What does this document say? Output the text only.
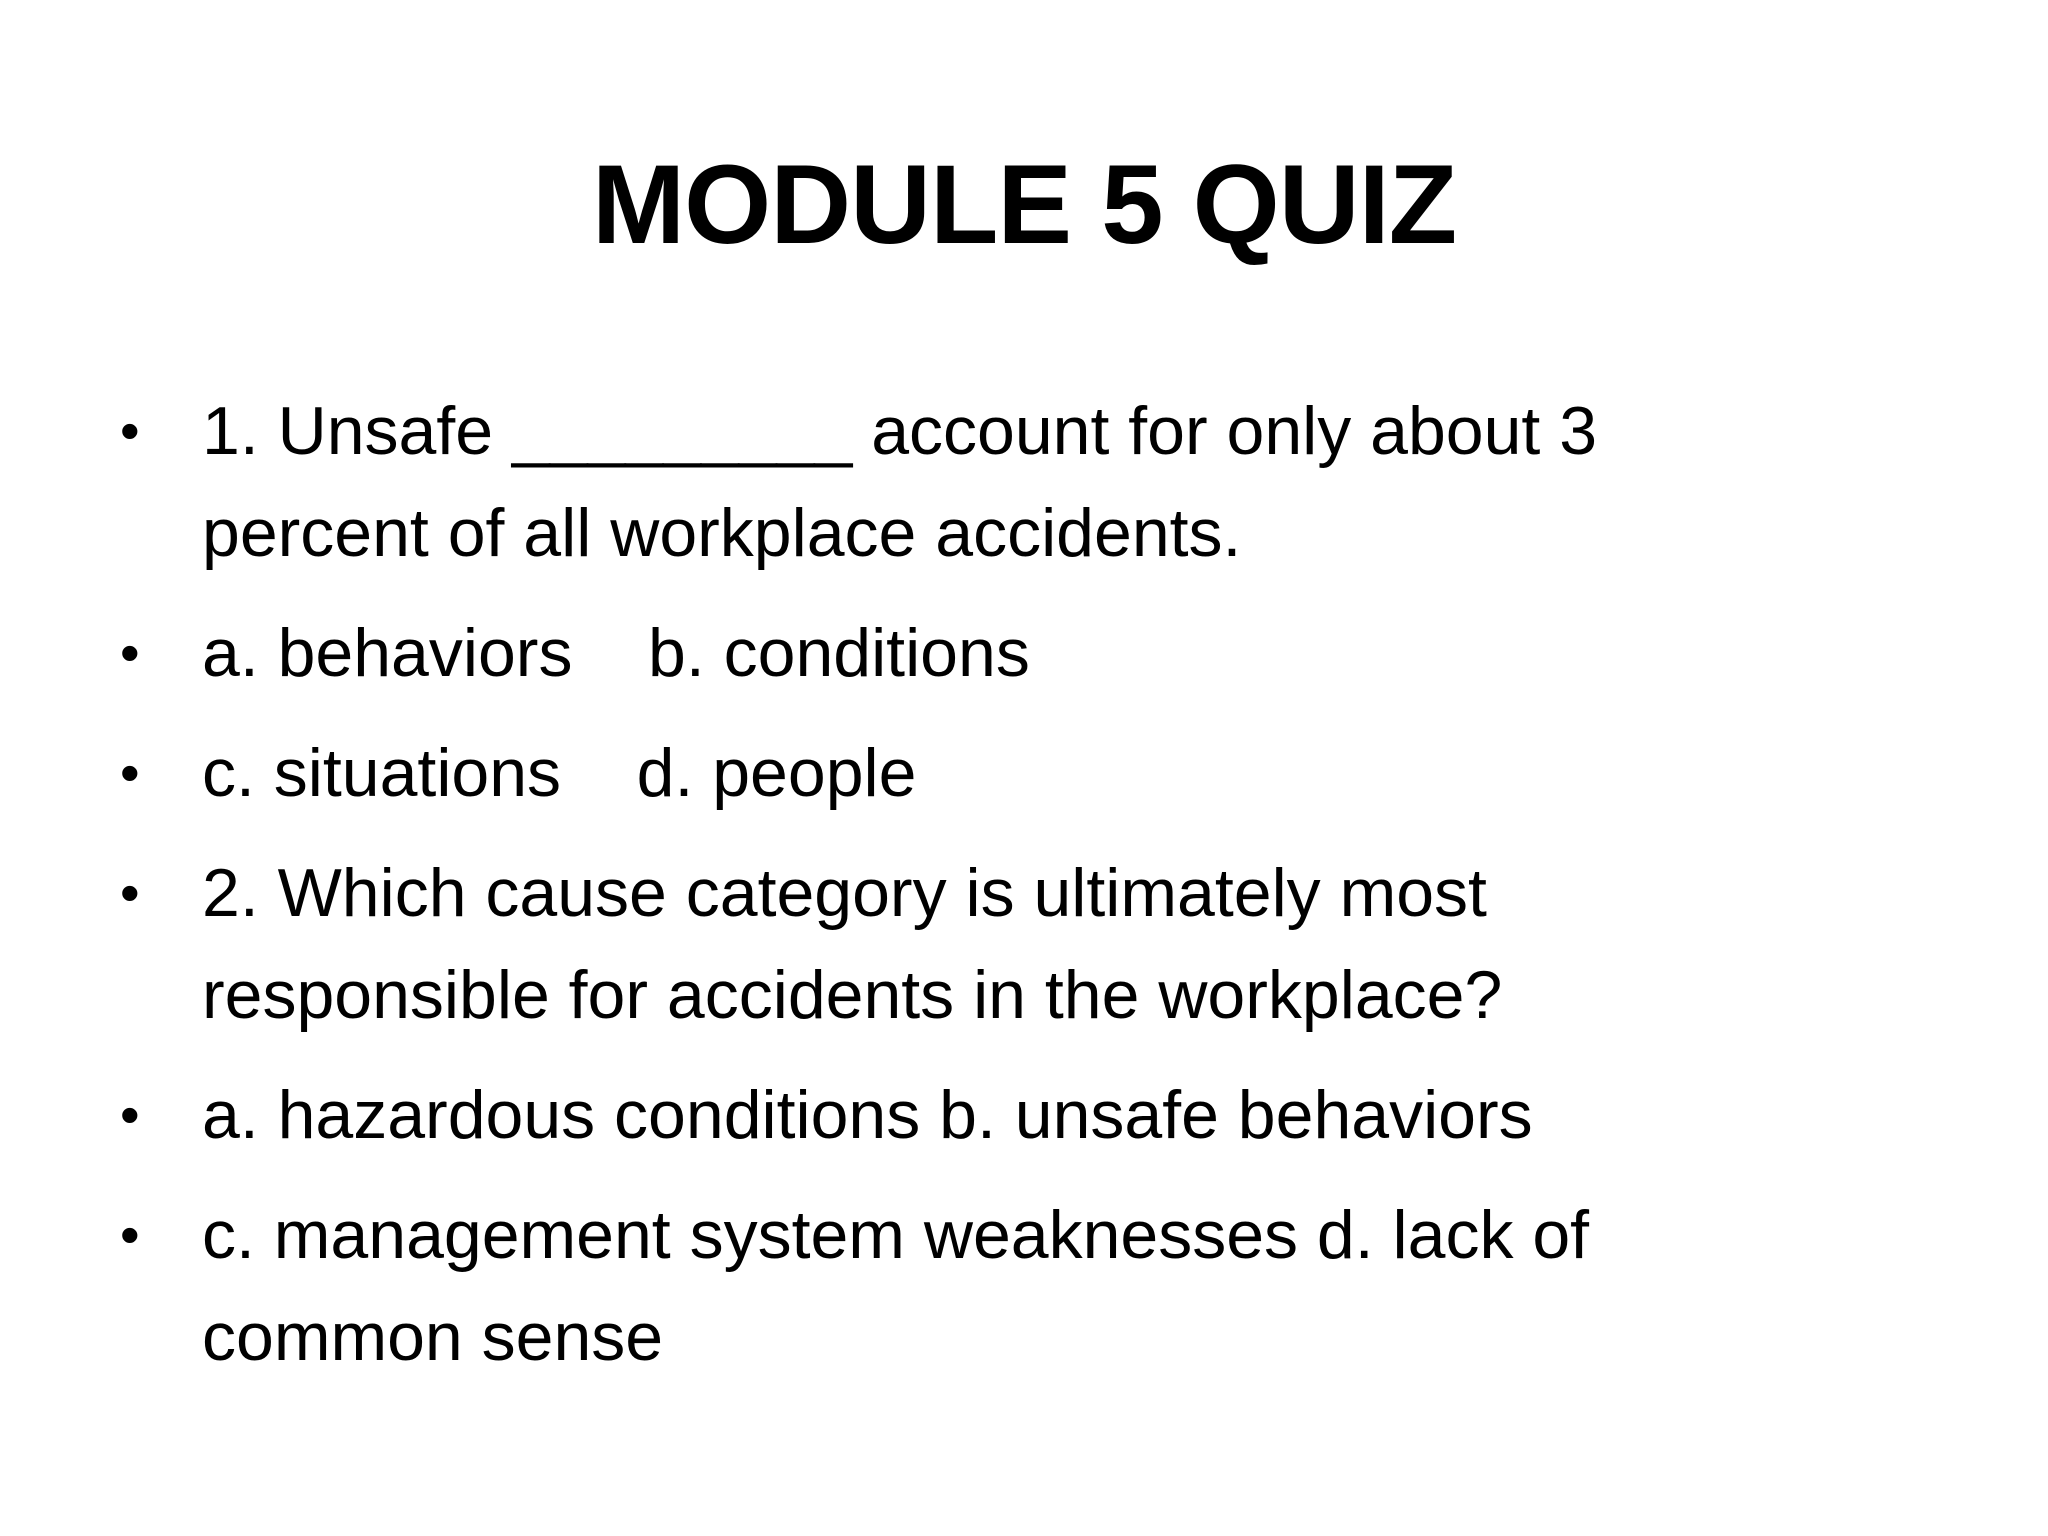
MODULE 5 QUIZ
• 1. Unsafe _________ account for only about 3 percent of all workplace accidents.
• a. behaviors    b. conditions
• c. situations    d. people
• 2. Which cause category is ultimately most responsible for accidents in the workplace?
• a. hazardous conditions b. unsafe behaviors
• c. management system weaknesses d. lack of common sense
